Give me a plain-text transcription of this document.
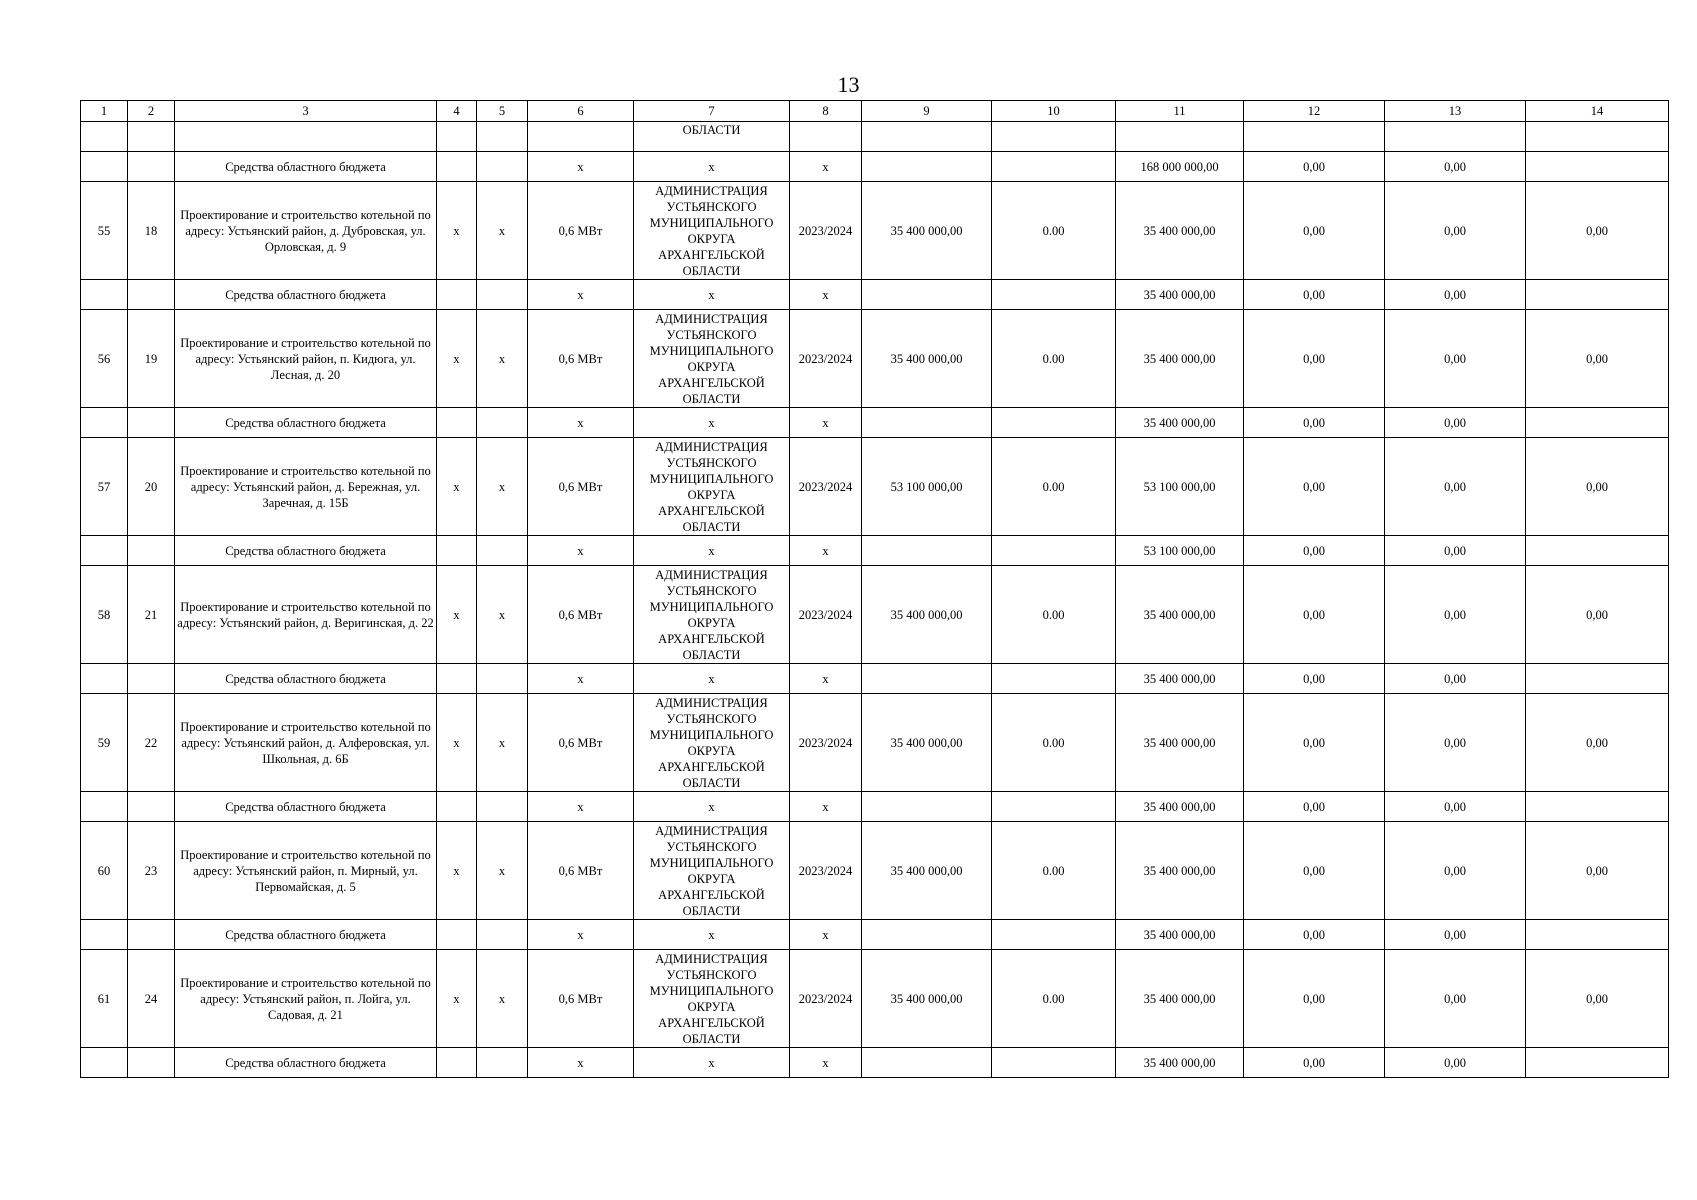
13
1	2	3	4	5	6	7	8	9	10	11	12	13	14
						ОБЛАСТИ							
		Средства областного бюджета			х	х	х			168 000 000,00	0,00	0,00	
55	18	Проектирование и строительство котельной по адресу: Устьянский район, д. Дубровская, ул. Орловская, д. 9	х	х	0,6 МВт	АДМИНИСТРАЦИЯ УСТЬЯНСКОГО МУНИЦИПАЛЬНОГО ОКРУГА АРХАНГЕЛЬСКОЙ ОБЛАСТИ	2023/2024	35 400 000,00	0.00	35 400 000,00	0,00	0,00	0,00
		Средства областного бюджета			х	х	х			35 400 000,00	0,00	0,00	
56	19	Проектирование и строительство котельной по адресу: Устьянский район, п. Кидюга, ул. Лесная, д. 20	х	х	0,6 МВт	АДМИНИСТРАЦИЯ УСТЬЯНСКОГО МУНИЦИПАЛЬНОГО ОКРУГА АРХАНГЕЛЬСКОЙ ОБЛАСТИ	2023/2024	35 400 000,00	0.00	35 400 000,00	0,00	0,00	0,00
		Средства областного бюджета			х	х	х			35 400 000,00	0,00	0,00	
57	20	Проектирование и строительство котельной по адресу: Устьянский район, д. Бережная, ул. Заречная, д. 15Б	х	х	0,6 МВт	АДМИНИСТРАЦИЯ УСТЬЯНСКОГО МУНИЦИПАЛЬНОГО ОКРУГА АРХАНГЕЛЬСКОЙ ОБЛАСТИ	2023/2024	53 100 000,00	0.00	53 100 000,00	0,00	0,00	0,00
		Средства областного бюджета			х	х	х			53 100 000,00	0,00	0,00	
58	21	Проектирование и строительство котельной по адресу: Устьянский район, д. Веригинская, д. 22	х	х	0,6 МВт	АДМИНИСТРАЦИЯ УСТЬЯНСКОГО МУНИЦИПАЛЬНОГО ОКРУГА АРХАНГЕЛЬСКОЙ ОБЛАСТИ	2023/2024	35 400 000,00	0.00	35 400 000,00	0,00	0,00	0,00
		Средства областного бюджета			х	х	х			35 400 000,00	0,00	0,00	
59	22	Проектирование и строительство котельной по адресу: Устьянский район, д. Алферовская, ул. Школьная, д. 6Б	х	х	0,6 МВт	АДМИНИСТРАЦИЯ УСТЬЯНСКОГО МУНИЦИПАЛЬНОГО ОКРУГА АРХАНГЕЛЬСКОЙ ОБЛАСТИ	2023/2024	35 400 000,00	0.00	35 400 000,00	0,00	0,00	0,00
		Средства областного бюджета			х	х	х			35 400 000,00	0,00	0,00	
60	23	Проектирование и строительство котельной по адресу: Устьянский район, п. Мирный, ул. Первомайская, д. 5	х	х	0,6 МВт	АДМИНИСТРАЦИЯ УСТЬЯНСКОГО МУНИЦИПАЛЬНОГО ОКРУГА АРХАНГЕЛЬСКОЙ ОБЛАСТИ	2023/2024	35 400 000,00	0.00	35 400 000,00	0,00	0,00	0,00
		Средства областного бюджета			х	х	х			35 400 000,00	0,00	0,00	
61	24	Проектирование и строительство котельной по адресу: Устьянский район, п. Лойга, ул. Садовая, д. 21	х	х	0,6 МВт	АДМИНИСТРАЦИЯ УСТЬЯНСКОГО МУНИЦИПАЛЬНОГО ОКРУГА АРХАНГЕЛЬСКОЙ ОБЛАСТИ	2023/2024	35 400 000,00	0.00	35 400 000,00	0,00	0,00	0,00
		Средства областного бюджета			х	х	х			35 400 000,00	0,00	0,00	
